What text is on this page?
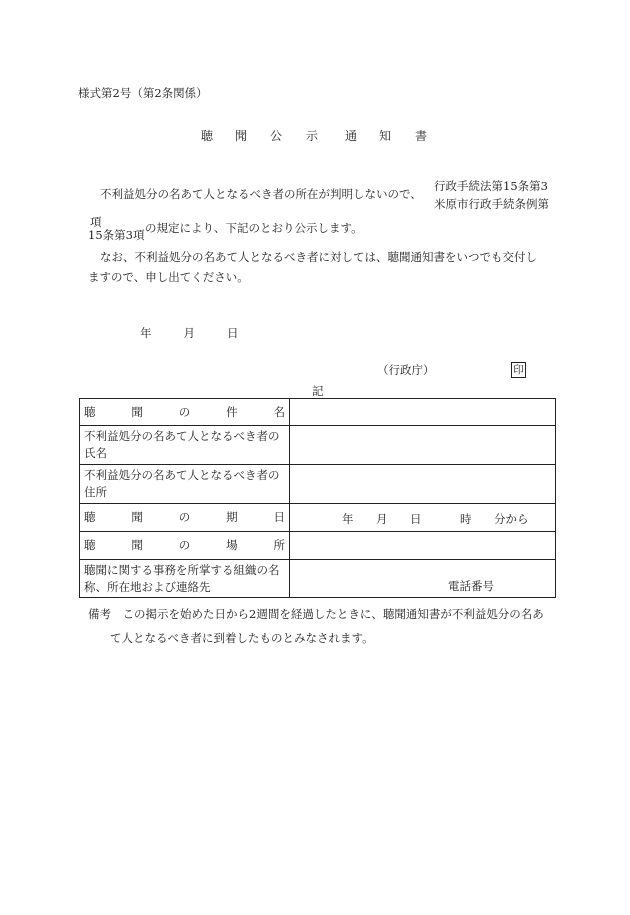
様式第2号（第2条関係）
聴 聞 公 示 通 知 書
不利益処分の名あて人となるべき者の所在が判明しないので、
行政手続法第15条第3
米原市行政手続条例第
項
15条第3項 の規定により、下記のとおり公示します。
なお、不利益処分の名あて人となるべき者に対しては、聴聞通知書をいつでも交付し
ますので、申し出てください。
年	月	日
（行政庁）	印
記
聴 聞 の 件 名	

不利益処分の名あて人となるべき者の氏名	
不利益処分の名あて人となるべき者の住所	

聴 聞 の 期 日	年 月 日 時 分から

聴 聞 の 場 所	

聴聞に関する事務を所掌する組織の名称、所在地および連絡先	電話番号
備考　この掲示を始めた日から2週間を経過したときに、聴聞通知書が不利益処分の名あ
て人となるべき者に到着したものとみなされます。
